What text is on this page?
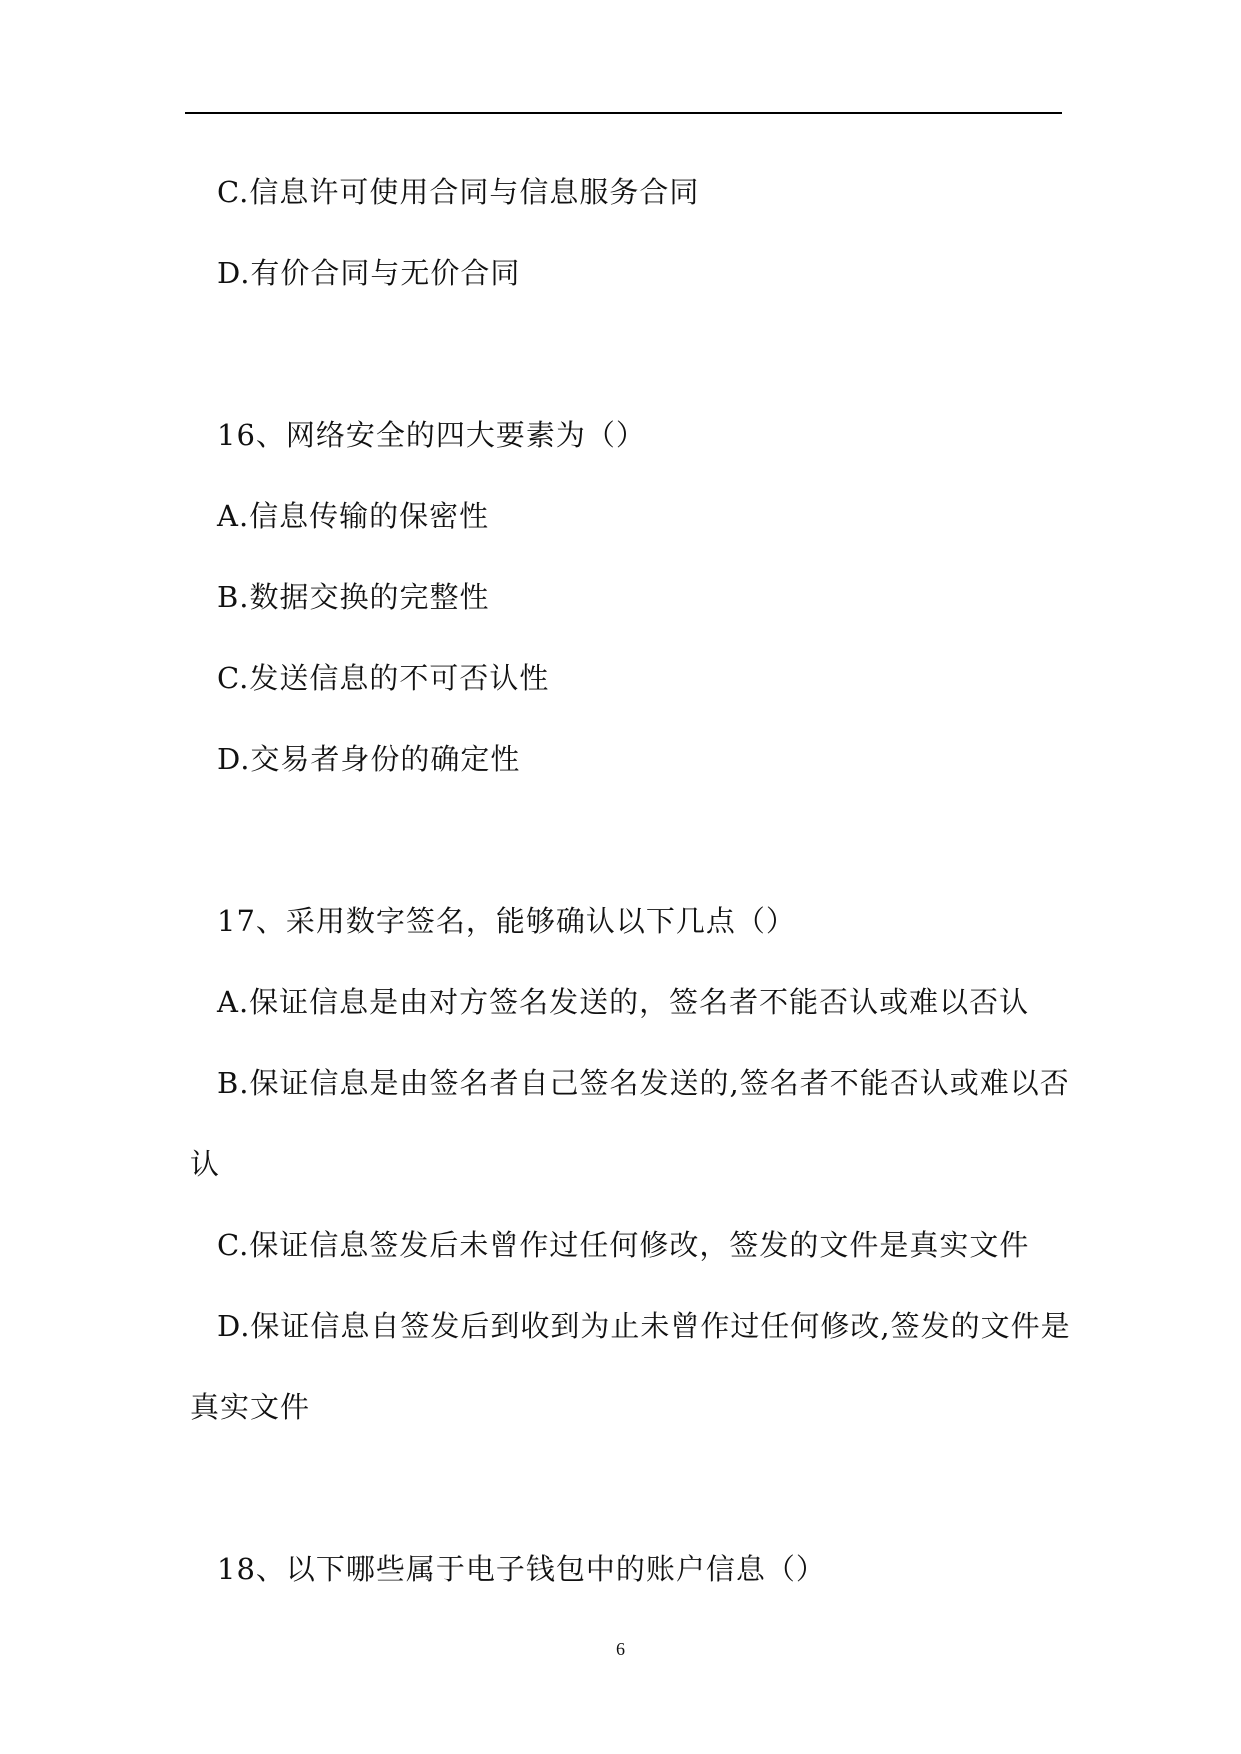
C.信息许可使用合同与信息服务合同
D.有价合同与无价合同
16、网络安全的四大要素为（）
A.信息传输的保密性
B.数据交换的完整性
C.发送信息的不可否认性
D.交易者身份的确定性
17、采用数字签名，能够确认以下几点（）
A.保证信息是由对方签名发送的，签名者不能否认或难以否认
B.保证信息是由签名者自己签名发送的,签名者不能否认或难以否
认
C.保证信息签发后未曾作过任何修改，签发的文件是真实文件
D.保证信息自签发后到收到为止未曾作过任何修改,签发的文件是
真实文件
18、以下哪些属于电子钱包中的账户信息（）
6
